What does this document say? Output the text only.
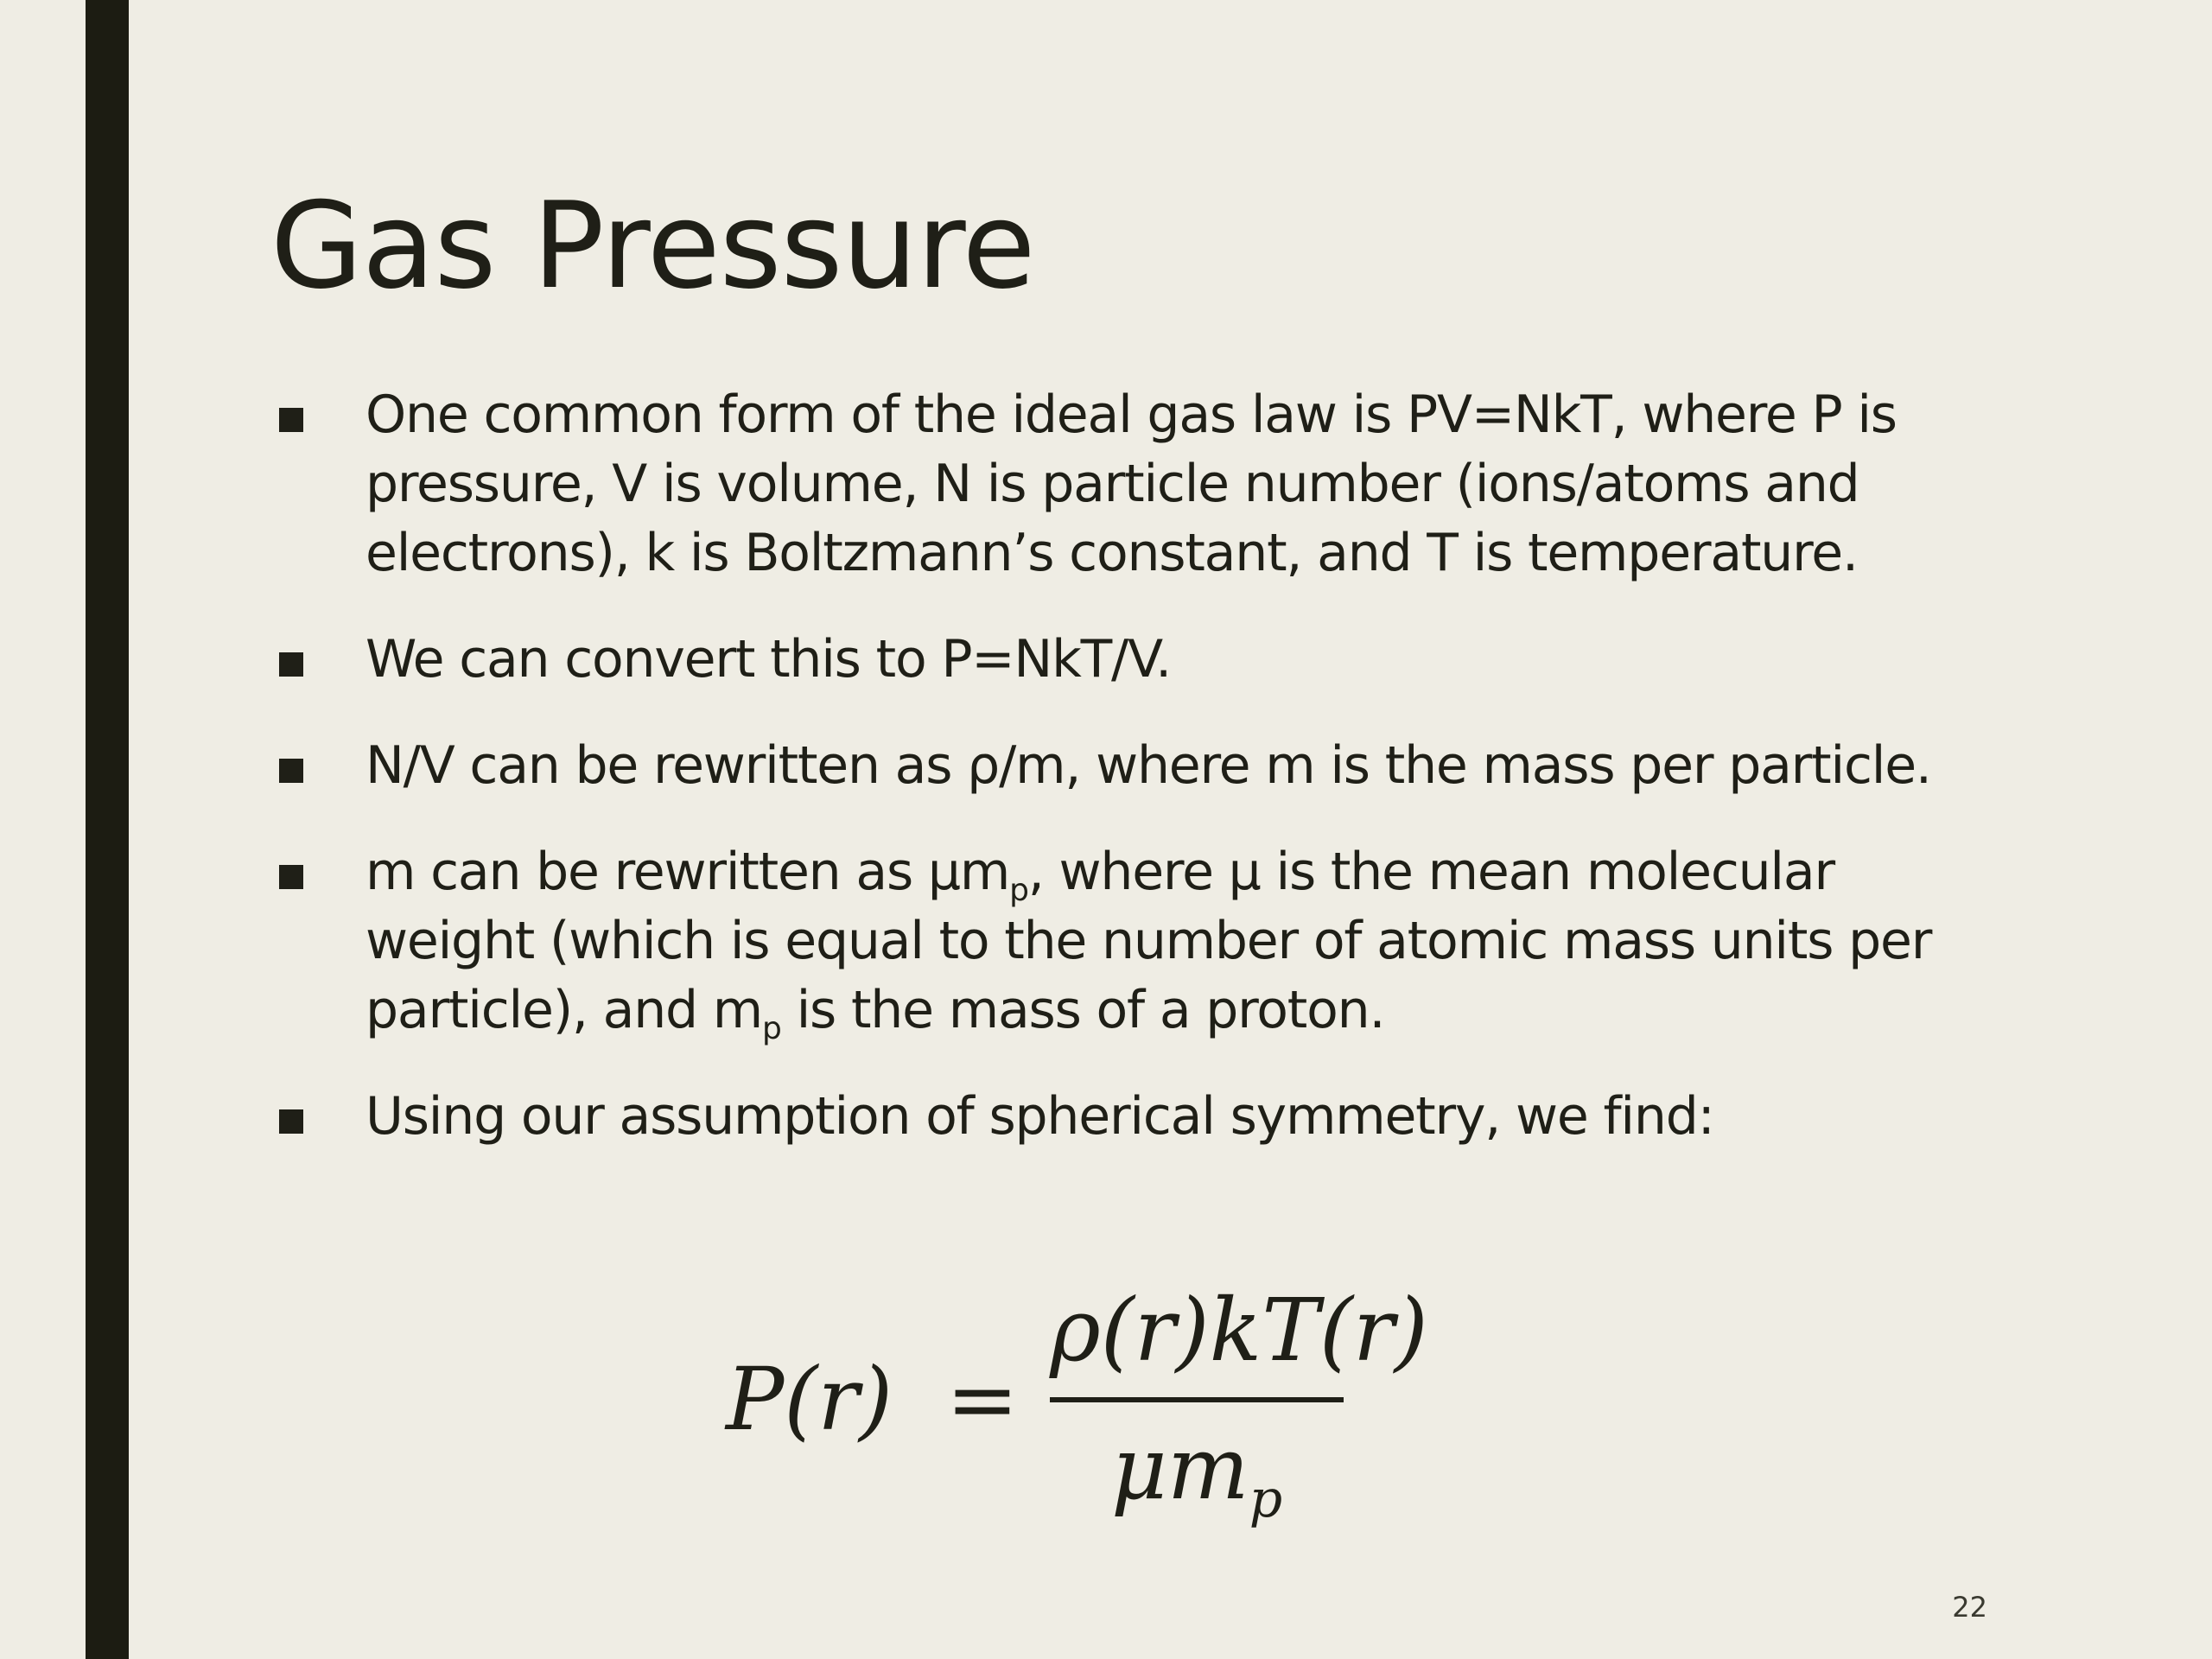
Gas Pressure
One common form of the ideal gas law is PV=NkT, where P is pressure, V is volume, N is particle number (ions/atoms and electrons), k is Boltzmann’s constant, and T is temperature.
We can convert this to P=NkT/V.
N/V can be rewritten as ρ/m, where m is the mass per particle.
m can be rewritten as $\mu m_p$, where μ is the mean molecular weight (which is equal to the number of atomic mass units per particle), and $m_p$ is the mass of a proton.
Using our assumption of spherical symmetry, we find:
P(r) =
ρ(r)kT(r)
$\mu m_p$
22
